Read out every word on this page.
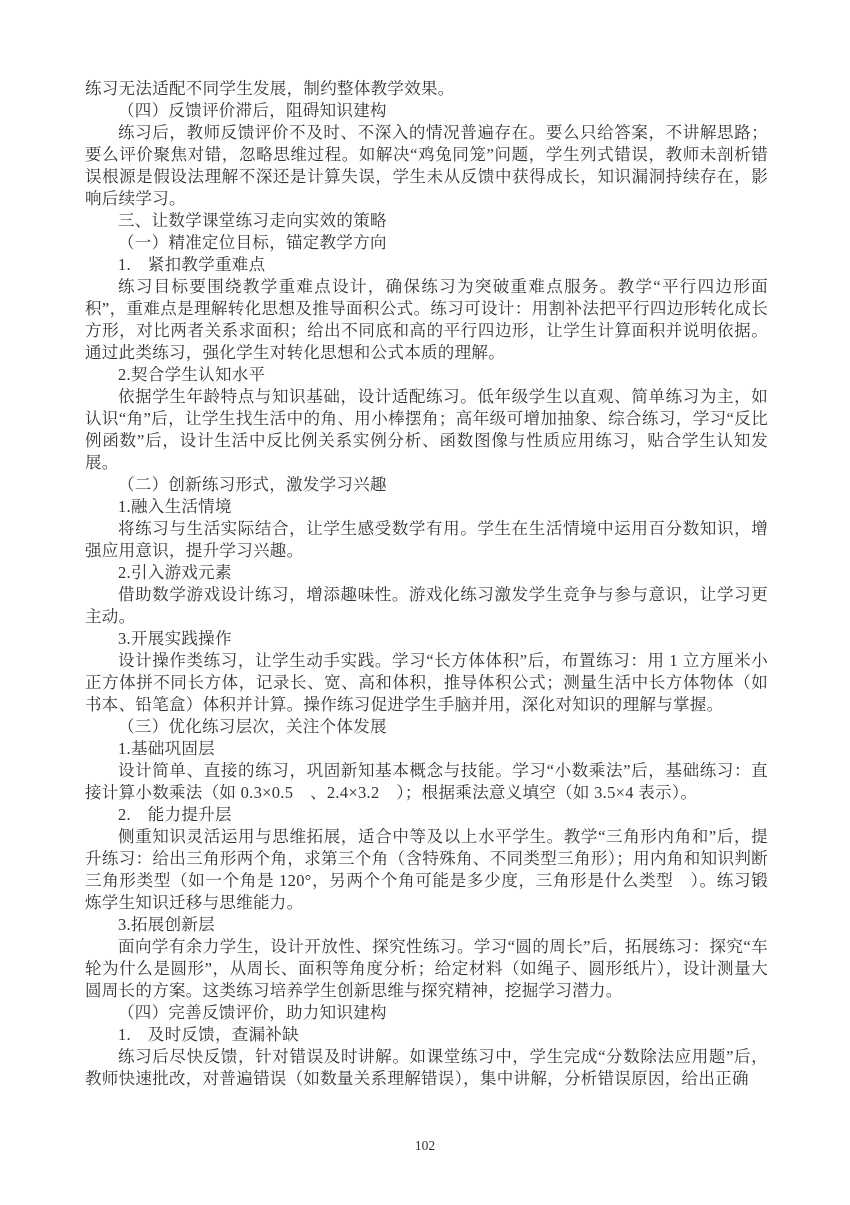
练习无法适配不同学生发展，制约整体教学效果。

（四）反馈评价滞后，阻碍知识建构

练习后，教师反馈评价不及时、不深入的情况普遍存在。要么只给答案，不讲解思路；要么评价聚焦对错，忽略思维过程。如解决“鸡兔同笼”问题，学生列式错误，教师未剖析错误根源是假设法理解不深还是计算失误，学生未从反馈中获得成长，知识漏洞持续存在，影响后续学习。

三、让数学课堂练习走向实效的策略

（一）精准定位目标，锚定教学方向

1.　紧扣教学重难点

练习目标要围绕教学重难点设计，确保练习为突破重难点服务。教学“平行四边形面积”，重难点是理解转化思想及推导面积公式。练习可设计：用割补法把平行四边形转化成长方形，对比两者关系求面积；给出不同底和高的平行四边形，让学生计算面积并说明依据。通过此类练习，强化学生对转化思想和公式本质的理解。

2.契合学生认知水平

依据学生年龄特点与知识基础，设计适配练习。低年级学生以直观、简单练习为主，如认识“角”后，让学生找生活中的角、用小棒摆角；高年级可增加抽象、综合练习，学习“反比例函数”后，设计生活中反比例关系实例分析、函数图像与性质应用练习，贴合学生认知发展。

（二）创新练习形式，激发学习兴趣

1.融入生活情境

将练习与生活实际结合，让学生感受数学有用。学生在生活情境中运用百分数知识，增强应用意识，提升学习兴趣。

2.引入游戏元素

借助数学游戏设计练习，增添趣味性。游戏化练习激发学生竞争与参与意识，让学习更主动。

3.开展实践操作

设计操作类练习，让学生动手实践。学习“长方体体积”后，布置练习：用 1 立方厘米小正方体拼不同长方体，记录长、宽、高和体积，推导体积公式；测量生活中长方体物体（如书本、铅笔盒）体积并计算。操作练习促进学生手脑并用，深化对知识的理解与掌握。

（三）优化练习层次，关注个体发展

1.基础巩固层

设计简单、直接的练习，巩固新知基本概念与技能。学习“小数乘法”后，基础练习：直接计算小数乘法（如 0.3×0.5　、2.4×3.2　）；根据乘法意义填空（如 3.5×4 表示）。

2.　能力提升层

侧重知识灵活运用与思维拓展，适合中等及以上水平学生。教学“三角形内角和”后，提升练习：给出三角形两个角，求第三个角（含特殊角、不同类型三角形）；用内角和知识判断三角形类型（如一个角是 120°，另两个个角可能是多少度，三角形是什么类型　）。练习锻炼学生知识迁移与思维能力。

3.拓展创新层

面向学有余力学生，设计开放性、探究性练习。学习“圆的周长”后，拓展练习：探究“车轮为什么是圆形”，从周长、面积等角度分析；给定材料（如绳子、圆形纸片），设计测量大圆周长的方案。这类练习培养学生创新思维与探究精神，挖掘学习潜力。

（四）完善反馈评价，助力知识建构

1.　及时反馈，查漏补缺

练习后尽快反馈，针对错误及时讲解。如课堂练习中，学生完成“分数除法应用题”后，教师快速批改，对普遍错误（如数量关系理解错误），集中讲解，分析错误原因，给出正确

102
